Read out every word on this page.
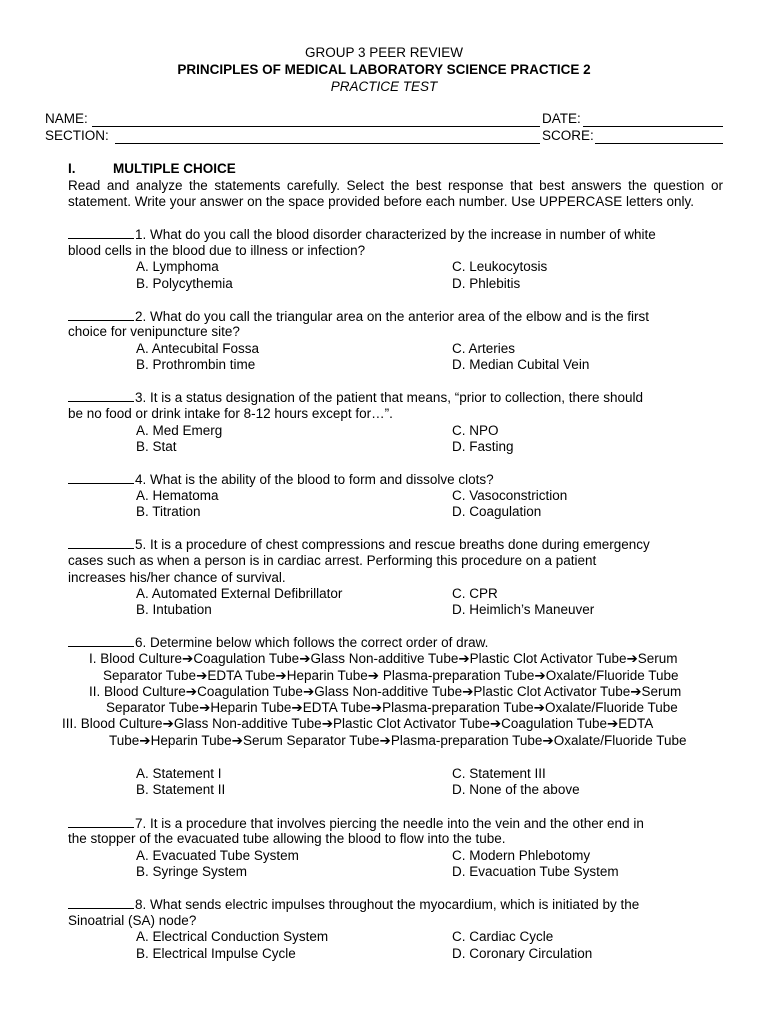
GROUP 3 PEER REVIEW
PRINCIPLES OF MEDICAL LABORATORY SCIENCE PRACTICE 2
PRACTICE TEST
NAME:	DATE:
SECTION:	SCORE:
I.	MULTIPLE CHOICE
Read and analyze the statements carefully. Select the best response that best answers the question or statement. Write your answer on the space provided before each number. Use UPPERCASE letters only.
1. What do you call the blood disorder characterized by the increase in number of white
blood cells in the blood due to illness or infection?
A. Lymphoma	C. Leukocytosis
B. Polycythemia	D. Phlebitis
2. What do you call the triangular area on the anterior area of the elbow and is the first
choice for venipuncture site?
A. Antecubital Fossa	C. Arteries
B. Prothrombin time	D. Median Cubital Vein
3. It is a status designation of the patient that means, “prior to collection, there should
be no food or drink intake for 8-12 hours except for…”.
A. Med Emerg	C. NPO
B. Stat	D. Fasting
4. What is the ability of the blood to form and dissolve clots?
A. Hematoma	C. Vasoconstriction
B. Titration	D. Coagulation
5. It is a procedure of chest compressions and rescue breaths done during emergency
cases such as when a person is in cardiac arrest. Performing this procedure on a patient
increases his/her chance of survival.
A. Automated External Defibrillator	C. CPR
B. Intubation	D. Heimlich’s Maneuver
6. Determine below which follows the correct order of draw.
I. Blood Culture➔Coagulation Tube➔Glass Non-additive Tube➔Plastic Clot Activator Tube➔Serum
Separator Tube➔EDTA Tube➔Heparin Tube➔ Plasma-preparation Tube➔Oxalate/Fluoride Tube
II. Blood Culture➔Coagulation Tube➔Glass Non-additive Tube➔Plastic Clot Activator Tube➔Serum
Separator Tube➔Heparin Tube➔EDTA Tube➔Plasma-preparation Tube➔Oxalate/Fluoride Tube
III. Blood Culture➔Glass Non-additive Tube➔Plastic Clot Activator Tube➔Coagulation Tube➔EDTA
Tube➔Heparin Tube➔Serum Separator Tube➔Plasma-preparation Tube➔Oxalate/Fluoride Tube
A. Statement I	C. Statement III
B. Statement II	D. None of the above
7. It is a procedure that involves piercing the needle into the vein and the other end in
the stopper of the evacuated tube allowing the blood to flow into the tube.
A. Evacuated Tube System	C. Modern Phlebotomy
B. Syringe System	D. Evacuation Tube System
8. What sends electric impulses throughout the myocardium, which is initiated by the
Sinoatrial (SA) node?
A. Electrical Conduction System	C. Cardiac Cycle
B. Electrical Impulse Cycle	D. Coronary Circulation
